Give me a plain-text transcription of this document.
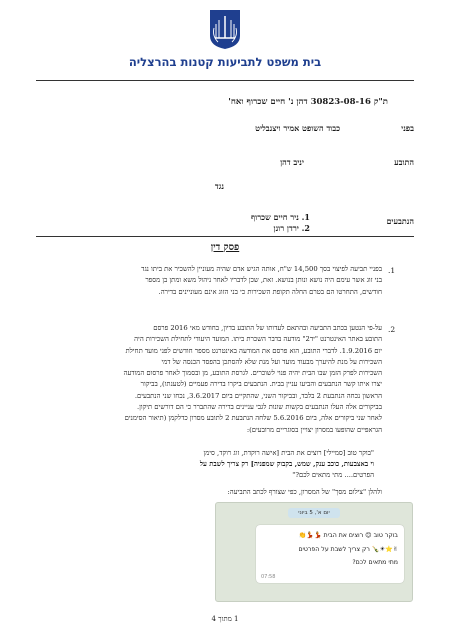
בית משפט לתביעות קטנות בהרצליה
ת"ק 30823-08-16 דהן נ' חיים שכרוף ואח'
בפני
כבוד השופט אמיר ויצנבליט
התובע
יניב דהן
נגד
הנתבעים
1. ניר חיים שכרוף
2. ירדן רונן
פסק דין
1.
בפניי תביעה לפיצוי בסך 14,500 ש"ח, אותה הגיש אדם שהיה מעוניין להשכיר את ביתו נגד
בני זוג אשר עימם היה נושא ונותן בנושא. זאת, שכן לדבריו לאחר ניהול משא ומתן בן מספר
חודשים, התחרטו הם בטרם החלה תקופת השכירות כי בני הזוג אינם מעוניינים בדירה.
2.
על-פי הנטען בכתב התביעה ובהתאם לעדותו של התובע בדיון, בחודש מאי 2016 פרסם
התובע באתר האינטרנט "יד2" מודעה בדבר השכרת ביתו. המועד היעודי לתחילת השכירות היה
יום 1.9.2016. לדברי התובע, הוא פרסם את המודעה באינטרנט מספר חודשים לפני מועד תחילת
השכירות על מנת להיערך מבעוד מועד ועל מנת שלא להסתכן בהפסד הכנסה של דמי
השכירות לפרק הזמן שבו הבית יהיה פנוי לשוכרים. לגרסת התובע, מן ובסמוך לאחר פרסום המודעה
יצרו איתו קשר הנתבעים והביעו עניין בבית. הנתבעים ביקרו בדירה פעמיים (לטענתו), בביקור
הראשון נכחה הנתבעת 2 בלבד, ובביקור השני, שהתקיים ביום 3.6.2017, נכחו שני הנתבעים.
בביקורים אלה העלו הנתבעים בקשות שונות לגבי עניינים בדירה שהתברר כי הם דורשים תיקון.
לאחר שני ביקורים אלה, ביום 5.6.2016 שלחה הנתבעת 2 לתובע מסרון כדלקמן (תיאור הסימנים
הגראפיים שהופעו במסרון יצויין בסוגריים מרובעים):
"בוקר טוב [סמיילי] רוצים את הבית [אישה רוקדת, זוג רוקד, סימן
וי באצבעות, כוכב ענק, שמש, בקבוק שמפניה] רק צריך לשבת על
הפרטים.... מתי מתאים לכם?"
ולהלן "צילום מסך" של המסרון, כפי שצורף לכתב התביעה:
יום א', 5 ביוני
בוקר טוב 😊 רוצים את הבית 💃💃👏
✌⭐☀🍾 רק צריך לשבת על הפרטים
מתי מתאים לכם?
07:58
1 מתוך 4
